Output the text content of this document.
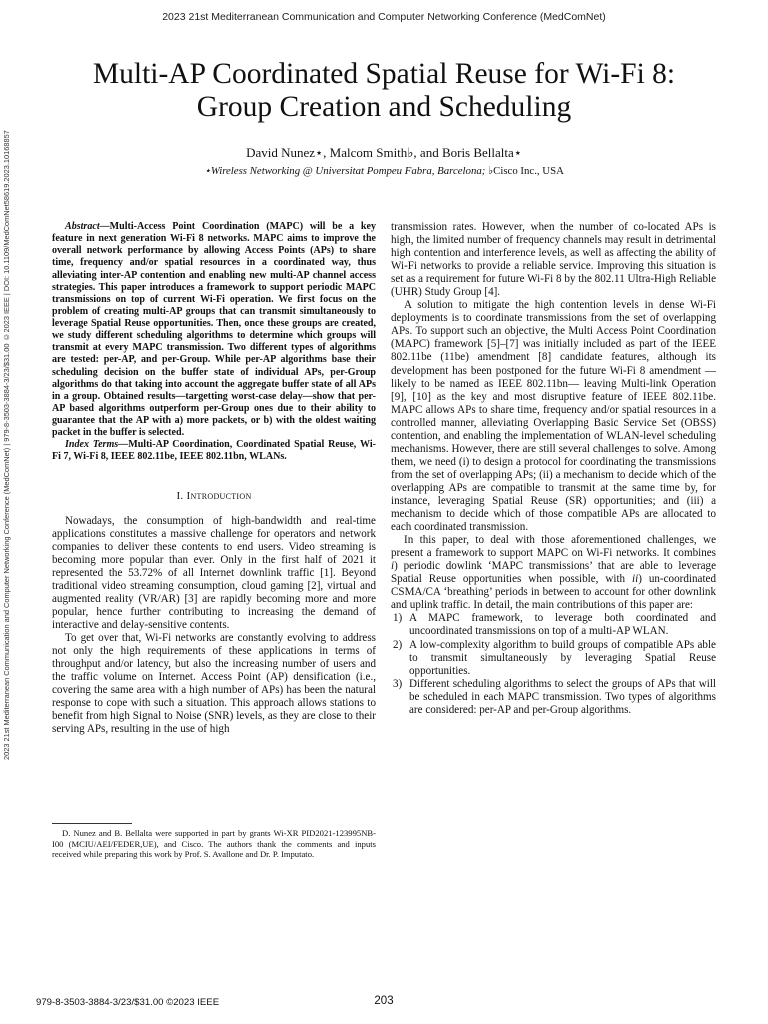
2023 21st Mediterranean Communication and Computer Networking Conference (MedComNet)
2023 21st Mediterranean Communication and Computer Networking Conference (MedComNet) | 979-8-3503-3884-3/23/$31.00 ©2023 IEEE | DOI: 10.1109/MedComNet58619.2023.10168857
Multi-AP Coordinated Spatial Reuse for Wi-Fi 8:
Group Creation and Scheduling
David Nunez⋆, Malcom Smith♭, and Boris Bellalta⋆
⋆Wireless Networking @ Universitat Pompeu Fabra, Barcelona; ♭Cisco Inc., USA

Abstract—Multi-Access Point Coordination (MAPC) will be a key feature in next generation Wi-Fi 8 networks. MAPC aims to improve the overall network performance by allowing Access Points (APs) to share time, frequency and/or spatial resources in a coordinated way, thus alleviating inter-AP contention and enabling new multi-AP channel access strategies. This paper introduces a framework to support periodic MAPC transmissions on top of current Wi-Fi operation. We first focus on the problem of creating multi-AP groups that can transmit simultaneously to leverage Spatial Reuse opportunities. Then, once these groups are created, we study different scheduling algorithms to determine which groups will transmit at every MAPC transmission. Two different types of algorithms are tested: per-AP, and per-Group. While per-AP algorithms base their scheduling decision on the buffer state of individual APs, per-Group algorithms do that taking into account the aggregate buffer state of all APs in a group. Obtained results—targetting worst-case delay—show that per-AP based algorithms outperform per-Group ones due to their ability to guarantee that the AP with a) more packets, or b) with the oldest waiting packet in the buffer is selected.

Index Terms—Multi-AP Coordination, Coordinated Spatial Reuse, Wi-Fi 7, Wi-Fi 8, IEEE 802.11be, IEEE 802.11bn, WLANs.

I. Introduction

Nowadays, the consumption of high-bandwidth and real-time applications constitutes a massive challenge for operators and network companies to deliver these contents to end users. Video streaming is becoming more popular than ever. Only in the first half of 2021 it represented the 53.72% of all Internet downlink traffic [1]. Beyond traditional video streaming consumption, cloud gaming [2], virtual and augmented reality (VR/AR) [3] are rapidly becoming more and more popular, hence further contributing to increasing the demand of interactive and delay-sensitive contents.

To get over that, Wi-Fi networks are constantly evolving to address not only the high requirements of these applications in terms of throughput and/or latency, but also the increasing number of users and the traffic volume on Internet. Access Point (AP) densification (i.e., covering the same area with a high number of APs) has been the natural response to cope with such a situation. This approach allows stations to benefit from high Signal to Noise (SNR) levels, as they are close to their serving APs, resulting in the use of high

D. Nunez and B. Bellalta were supported in part by grants Wi-XR PID2021-123995NB-I00 (MCIU/AEI/FEDER,UE), and Cisco. The authors thank the comments and inputs received while preparing this work by Prof. S. Avallone and Dr. P. Imputato.

transmission rates. However, when the number of co-located APs is high, the limited number of frequency channels may result in detrimental high contention and interference levels, as well as affecting the ability of Wi-Fi networks to provide a reliable service. Improving this situation is set as a requirement for future Wi-Fi 8 by the 802.11 Ultra-High Reliable (UHR) Study Group [4].

A solution to mitigate the high contention levels in dense Wi-Fi deployments is to coordinate transmissions from the set of overlapping APs. To support such an objective, the Multi Access Point Coordination (MAPC) framework [5]–[7] was initially included as part of the IEEE 802.11be (11be) amendment [8] candidate features, although its development has been postponed for the future Wi-Fi 8 amendment — likely to be named as IEEE 802.11bn— leaving Multi-link Operation [9], [10] as the key and most disruptive feature of IEEE 802.11be. MAPC allows APs to share time, frequency and/or spatial resources in a controlled manner, alleviating Overlapping Basic Service Set (OBSS) contention, and enabling the implementation of WLAN-level scheduling mechanisms. However, there are still several challenges to solve. Among them, we need (i) to design a protocol for coordinating the transmissions from the set of overlapping APs; (ii) a mechanism to decide which of the overlapping APs are compatible to transmit at the same time by, for instance, leveraging Spatial Reuse (SR) opportunities; and (iii) a mechanism to decide which of those compatible APs are allocated to each coordinated transmission.

In this paper, to deal with those aforementioned challenges, we present a framework to support MAPC on Wi-Fi networks. It combines i) periodic dowlink ‘MAPC transmissions’ that are able to leverage Spatial Reuse opportunities when possible, with ii) un-coordinated CSMA/CA ‘breathing’ periods in between to account for other downlink and uplink traffic. In detail, the main contributions of this paper are:

1) A MAPC framework, to leverage both coordinated and uncoordinated transmissions on top of a multi-AP WLAN.
2) A low-complexity algorithm to build groups of compatible APs able to transmit simultaneously by leveraging Spatial Reuse opportunities.
3) Different scheduling algorithms to select the groups of APs that will be scheduled in each MAPC transmission. Two types of algorithms are considered: per-AP and per-Group algorithms.
979-8-3503-3884-3/23/$31.00 ©2023 IEEE	203
